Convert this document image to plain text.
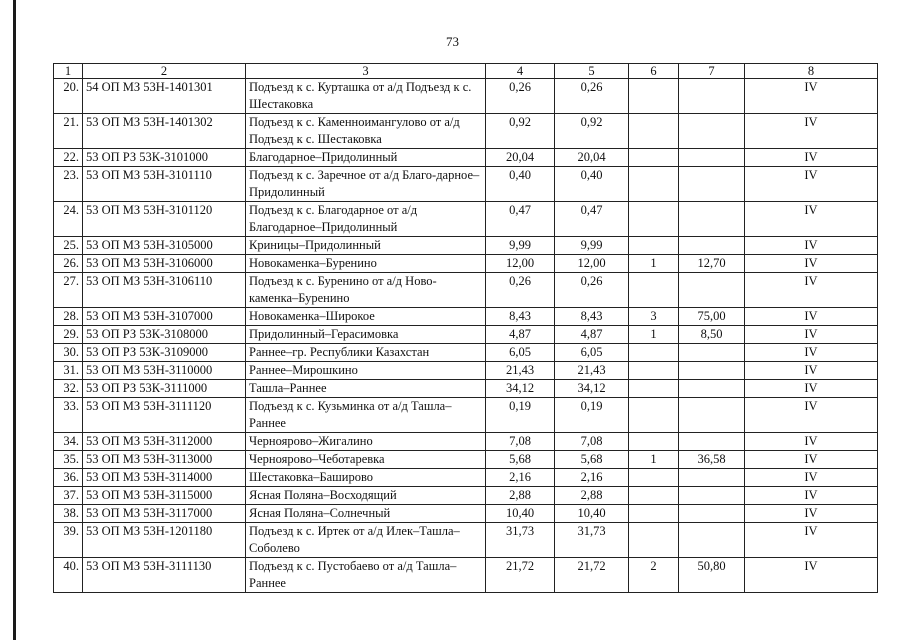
73
1	2	3	4	5	6	7	8
20.	54 ОП МЗ 53Н-1401301	Подъезд к с. Курташка от а/д Подъезд к с. Шестаковка	0,26	0,26			IV
21.	53 ОП МЗ 53Н-1401302	Подъезд к с. Каменноимангулово от а/д Подъезд к с. Шестаковка	0,92	0,92			IV
22.	53 ОП РЗ 53К-3101000	Благодарное–Придолинный	20,04	20,04			IV
23.	53 ОП МЗ 53Н-3101110	Подъезд к с. Заречное от а/д Благо-дарное–Придолинный	0,40	0,40			IV
24.	53 ОП МЗ 53Н-3101120	Подъезд к с. Благодарное от а/д Благодарное–Придолинный	0,47	0,47			IV
25.	53 ОП МЗ 53Н-3105000	Криницы–Придолинный	9,99	9,99			IV
26.	53 ОП МЗ 53Н-3106000	Новокаменка–Буренино	12,00	12,00	1	12,70	IV
27.	53 ОП МЗ 53Н-3106110	Подъезд к с. Буренино от а/д Ново-каменка–Буренино	0,26	0,26			IV
28.	53 ОП МЗ 53Н-3107000	Новокаменка–Широкое	8,43	8,43	3	75,00	IV
29.	53 ОП РЗ 53К-3108000	Придолинный–Герасимовка	4,87	4,87	1	8,50	IV
30.	53 ОП РЗ 53К-3109000	Раннее–гр. Республики Казахстан	6,05	6,05			IV
31.	53 ОП МЗ 53Н-3110000	Раннее–Мирошкино	21,43	21,43			IV
32.	53 ОП РЗ 53К-3111000	Ташла–Раннее	34,12	34,12			IV
33.	53 ОП МЗ 53Н-3111120	Подъезд к с. Кузьминка от а/д Ташла– Раннее	0,19	0,19			IV
34.	53 ОП МЗ 53Н-3112000	Черноярово–Жигалино	7,08	7,08			IV
35.	53 ОП МЗ 53Н-3113000	Черноярово–Чеботаревка	5,68	5,68	1	36,58	IV
36.	53 ОП МЗ 53Н-3114000	Шестаковка–Баширово	2,16	2,16			IV
37.	53 ОП МЗ 53Н-3115000	Ясная Поляна–Восходящий	2,88	2,88			IV
38.	53 ОП МЗ 53Н-3117000	Ясная Поляна–Солнечный	10,40	10,40			IV
39.	53 ОП МЗ 53Н-1201180	Подъезд к с. Иртек от а/д Илек–Ташла–Соболево	31,73	31,73			IV
40.	53 ОП МЗ 53Н-3111130	Подъезд к с. Пустобаево от а/д Ташла–Раннее	21,72	21,72	2	50,80	IV
